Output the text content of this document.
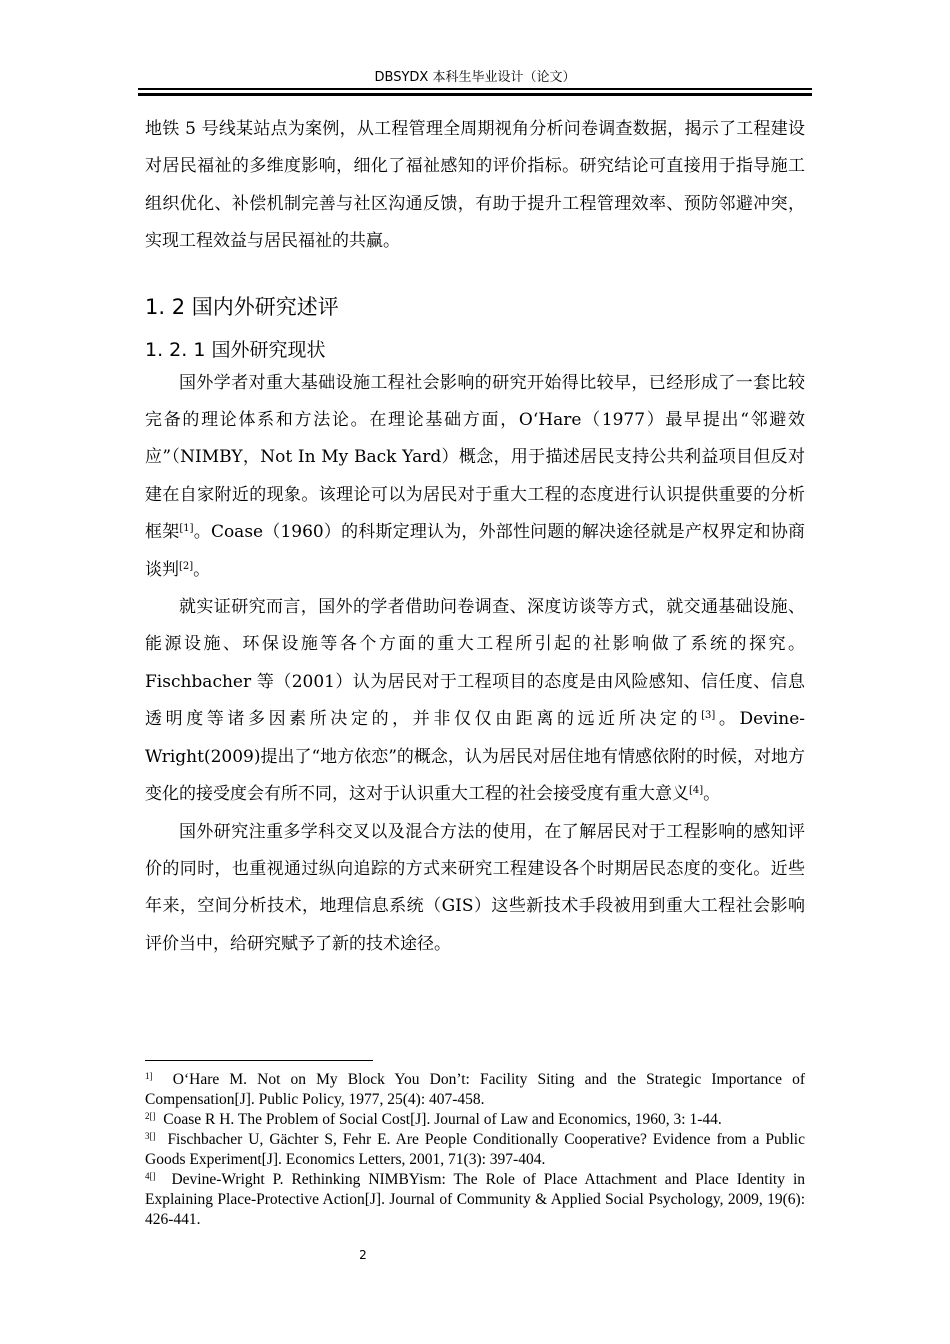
DBSYDX 本科生毕业设计（论文）

地铁 5 号线某站点为案例，从工程管理全周期视角分析问卷调查数据，揭示了工程建设对居民福祉的多维度影响，细化了福祉感知的评价指标。研究结论可直接用于指导施工组织优化、补偿机制完善与社区沟通反馈，有助于提升工程管理效率、预防邻避冲突，实现工程效益与居民福祉的共赢。

1. 2 国内外研究述评
1. 2. 1 国外研究现状

国外学者对重大基础设施工程社会影响的研究开始得比较早，已经形成了一套比较完备的理论体系和方法论。在理论基础方面，O‘Hare（1977）最早提出“邻避效应”（NIMBY，Not In My Back Yard）概念，用于描述居民支持公共利益项目但反对建在自家附近的现象。该理论可以为居民对于重大工程的态度进行认识提供重要的分析框架[1]。Coase（1960）的科斯定理认为，外部性问题的解决途径就是产权界定和协商谈判[2]。

就实证研究而言，国外的学者借助问卷调查、深度访谈等方式，就交通基础设施、能源设施、环保设施等各个方面的重大工程所引起的社影响做了系统的探究。Fischbacher 等（2001）认为居民对于工程项目的态度是由风险感知、信任度、信息透明度等诸多因素所决定的，并非仅仅由距离的远近所决定的[3]。Devine-Wright(2009)提出了“地方依恋”的概念，认为居民对居住地有情感依附的时候，对地方变化的接受度会有所不同，这对于认识重大工程的社会接受度有重大意义[4]。

国外研究注重多学科交叉以及混合方法的使用，在了解居民对于工程影响的感知评价的同时，也重视通过纵向追踪的方式来研究工程建设各个时期居民态度的变化。近些年来，空间分析技术，地理信息系统（GIS）这些新技术手段被用到重大工程社会影响评价当中，给研究赋予了新的技术途径。

$^{1]}$ O‘Hare M. Not on My Block You Don’t: Facility Siting and the Strategic Importance of Compensation[J]. Public Policy, 1977, 25(4): 407-458.

$^{2[]}$ Coase R H. The Problem of Social Cost[J]. Journal of Law and Economics, 1960, 3: 1-44.

$^{3[]}$ Fischbacher U, Gächter S, Fehr E. Are People Conditionally Cooperative? Evidence from a Public Goods Experiment[J]. Economics Letters, 2001, 71(3): 397-404.

$^{4[]}$ Devine-Wright P. Rethinking NIMBYism: The Role of Place Attachment and Place Identity in Explaining Place-Protective Action[J]. Journal of Community & Applied Social Psychology, 2009, 19(6): 426-441.

2
